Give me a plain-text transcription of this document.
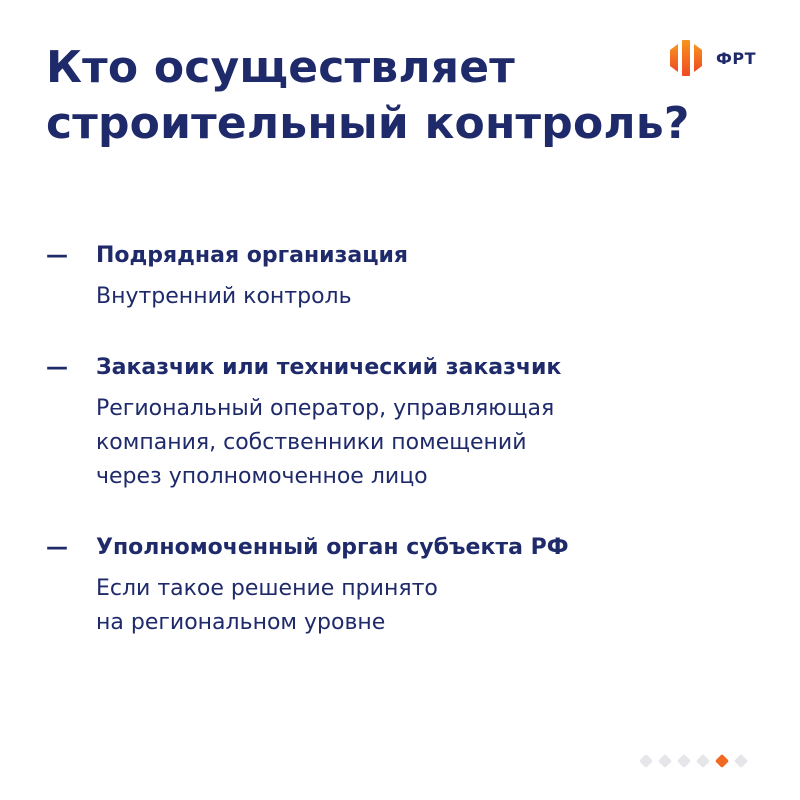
Кто осуществляет
строительный контроль?
ФРТ
— Подрядная организация
Внутренний контроль
— Заказчик или технический заказчик
Региональный оператор, управляющая
компания, собственники помещений
через уполномоченное лицо
— Уполномоченный орган субъекта РФ
Если такое решение принято
на региональном уровне
